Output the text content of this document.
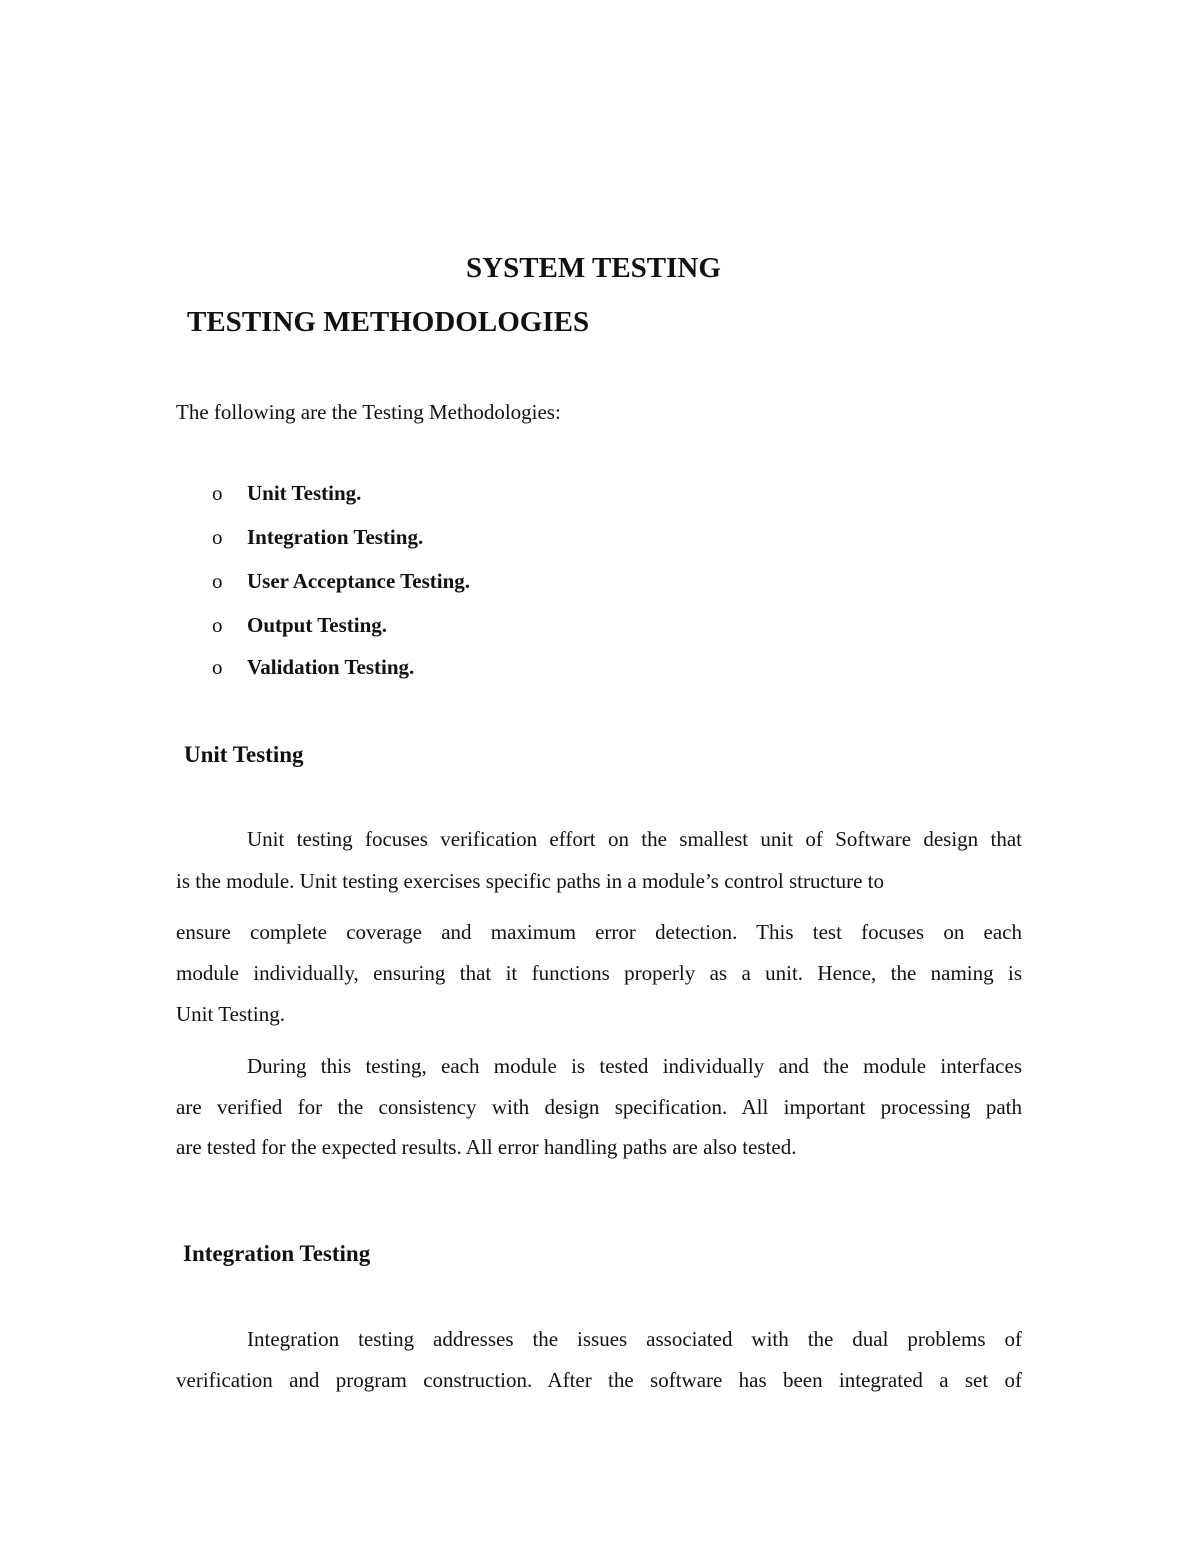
SYSTEM TESTING
TESTING METHODOLOGIES
The following are the Testing Methodologies:
o Unit Testing.
o Integration Testing.
o User Acceptance Testing.
o Output Testing.
o Validation Testing.
Unit Testing
Unit testing focuses verification effort on the smallest unit of Software design that
is the module. Unit testing exercises specific paths in a module’s control structure to
ensure complete coverage and maximum error detection. This test focuses on each
module individually, ensuring that it functions properly as a unit. Hence, the naming is
Unit Testing.
During this testing, each module is tested individually and the module interfaces
are verified for the consistency with design specification. All important processing path
are tested for the expected results. All error handling paths are also tested.
Integration Testing
Integration testing addresses the issues associated with the dual problems of
verification and program construction. After the software has been integrated a set of
